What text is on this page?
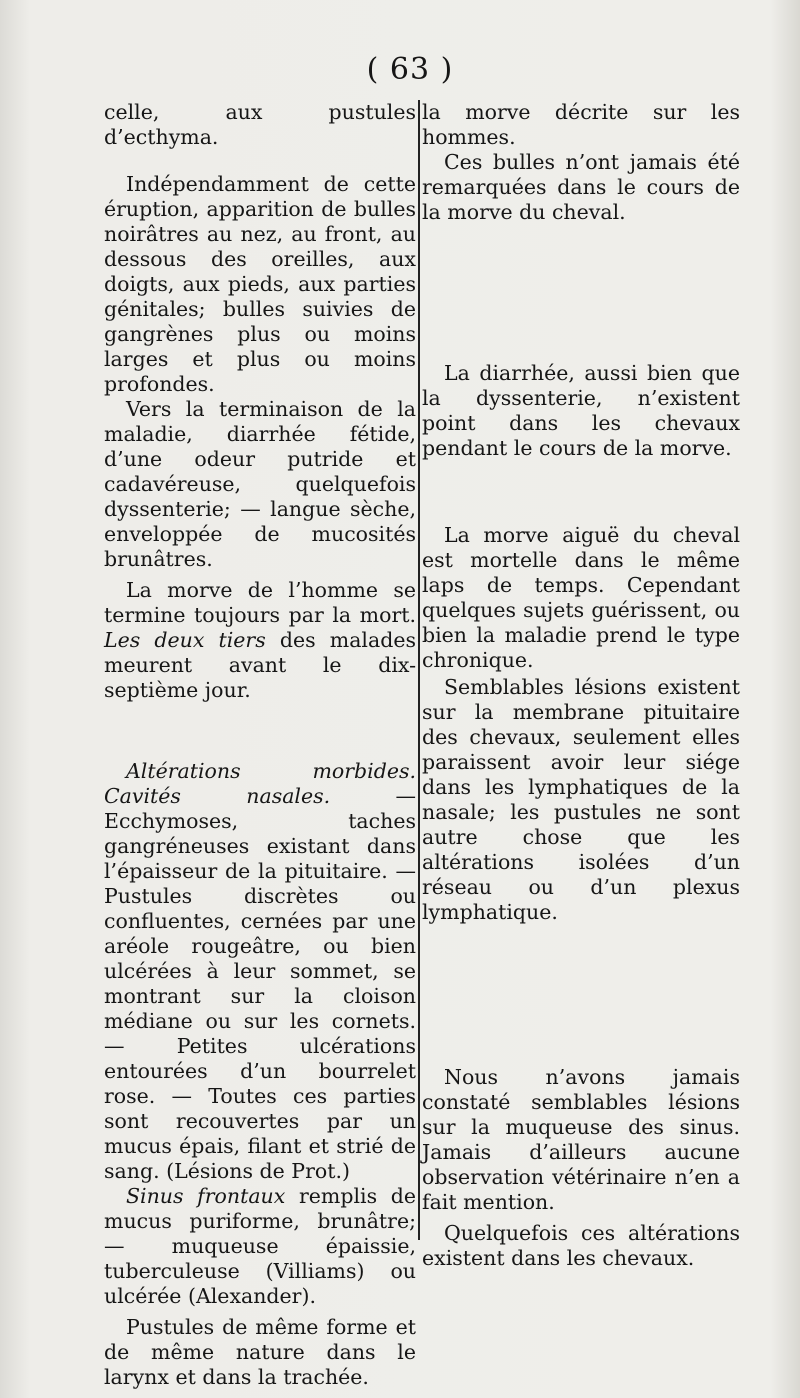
( 63 )

celle, aux pustules d’ecthyma.

Indépendamment de cette éruption, apparition de bulles noirâtres au nez, au front, au dessous des oreilles, aux doigts, aux pieds, aux parties génitales; bulles suivies de gangrènes plus ou moins larges et plus ou moins profondes.

Vers la terminaison de la maladie, diarrhée fétide, d’une odeur putride et cadavéreuse, quelquefois dyssenterie; — langue sèche, enveloppée de mucosités brunâtres.

La morve de l’homme se termine toujours par la mort. Les deux tiers des malades meurent avant le dix-septième jour.

Altérations morbides. Cavités nasales.	— Ecchymoses, taches gangréneuses existant dans l’épaisseur de la pituitaire. — Pustules discrètes ou confluentes, cernées par une aréole rougeâtre, ou bien ulcérées à leur sommet, se montrant sur la cloison médiane ou sur les cornets. — Petites ulcérations entourées d’un bourrelet rose. — Toutes ces parties sont recouvertes par un mucus épais, filant et strié de sang. (Lésions de Prot.)

Sinus frontaux remplis de mucus puriforme, brunâtre; — muqueuse épaissie, tuberculeuse (Villiams) ou ulcérée (Alexander).

Pustules de même forme et de même nature dans le larynx et dans la trachée.

la morve décrite sur les hommes.

Ces bulles n’ont jamais été remarquées dans le cours de la morve du cheval.

La diarrhée, aussi bien que la dyssenterie, n’existent point dans les chevaux pendant le cours de la morve.

La morve aiguë du cheval est mortelle dans le même laps de temps. Cependant quelques sujets guérissent, ou bien la maladie prend le type chronique.

Semblables lésions existent sur la membrane pituitaire des chevaux, seulement elles paraissent avoir leur siége dans les lymphatiques de la nasale; les pustules ne sont autre chose que les altérations isolées d’un réseau ou d’un plexus lymphatique.

Nous n’avons jamais constaté semblables lésions sur la muqueuse des sinus. Jamais d’ailleurs aucune observation vétérinaire n’en a fait mention.

Quelquefois ces altérations existent dans les chevaux.
